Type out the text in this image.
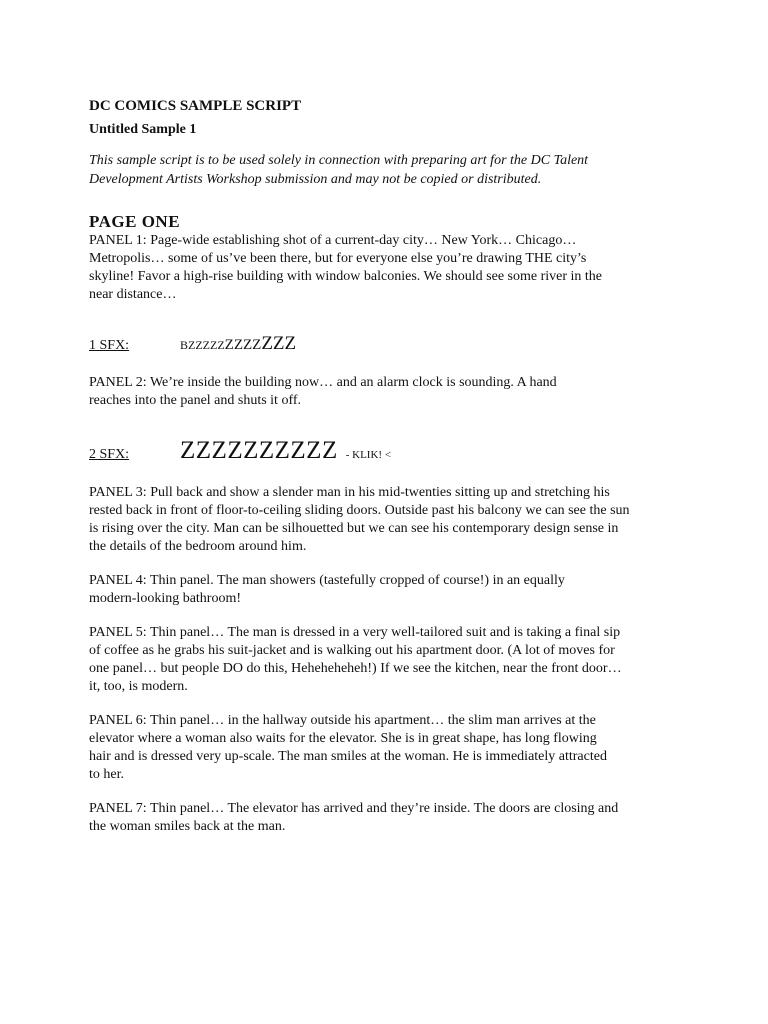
DC COMICS SAMPLE SCRIPT
Untitled Sample 1
This sample script is to be used solely in connection with preparing art for the DC Talent
Development Artists Workshop submission and may not be copied or distributed.
PAGE ONE
PANEL 1: Page-wide establishing shot of a current-day city… New York… Chicago…
Metropolis… some of us’ve been there, but for everyone else you’re drawing THE city’s
skyline! Favor a high-rise building with window balconies. We should see some river in the
near distance…
1 SFX:	BZZZZZ ZZZZ ZZZ
PANEL 2: We’re inside the building now… and an alarm clock is sounding. A hand
reaches into the panel and shuts it off.
2 SFX:	ZZZZZZZZZZ - KLIK! <
PANEL 3: Pull back and show a slender man in his mid-twenties sitting up and stretching his
rested back in front of floor-to-ceiling sliding doors. Outside past his balcony we can see the sun
is rising over the city. Man can be silhouetted but we can see his contemporary design sense in
the details of the bedroom around him.
PANEL 4: Thin panel. The man showers (tastefully cropped of course!) in an equally
modern-looking bathroom!
PANEL 5: Thin panel… The man is dressed in a very well-tailored suit and is taking a final sip
of coffee as he grabs his suit-jacket and is walking out his apartment door. (A lot of moves for
one panel… but people DO do this, Heheheheheh!) If we see the kitchen, near the front door…
it, too, is modern.
PANEL 6: Thin panel… in the hallway outside his apartment… the slim man arrives at the
elevator where a woman also waits for the elevator. She is in great shape, has long flowing
hair and is dressed very up-scale. The man smiles at the woman. He is immediately attracted
to her.
PANEL 7: Thin panel… The elevator has arrived and they’re inside. The doors are closing and
the woman smiles back at the man.
